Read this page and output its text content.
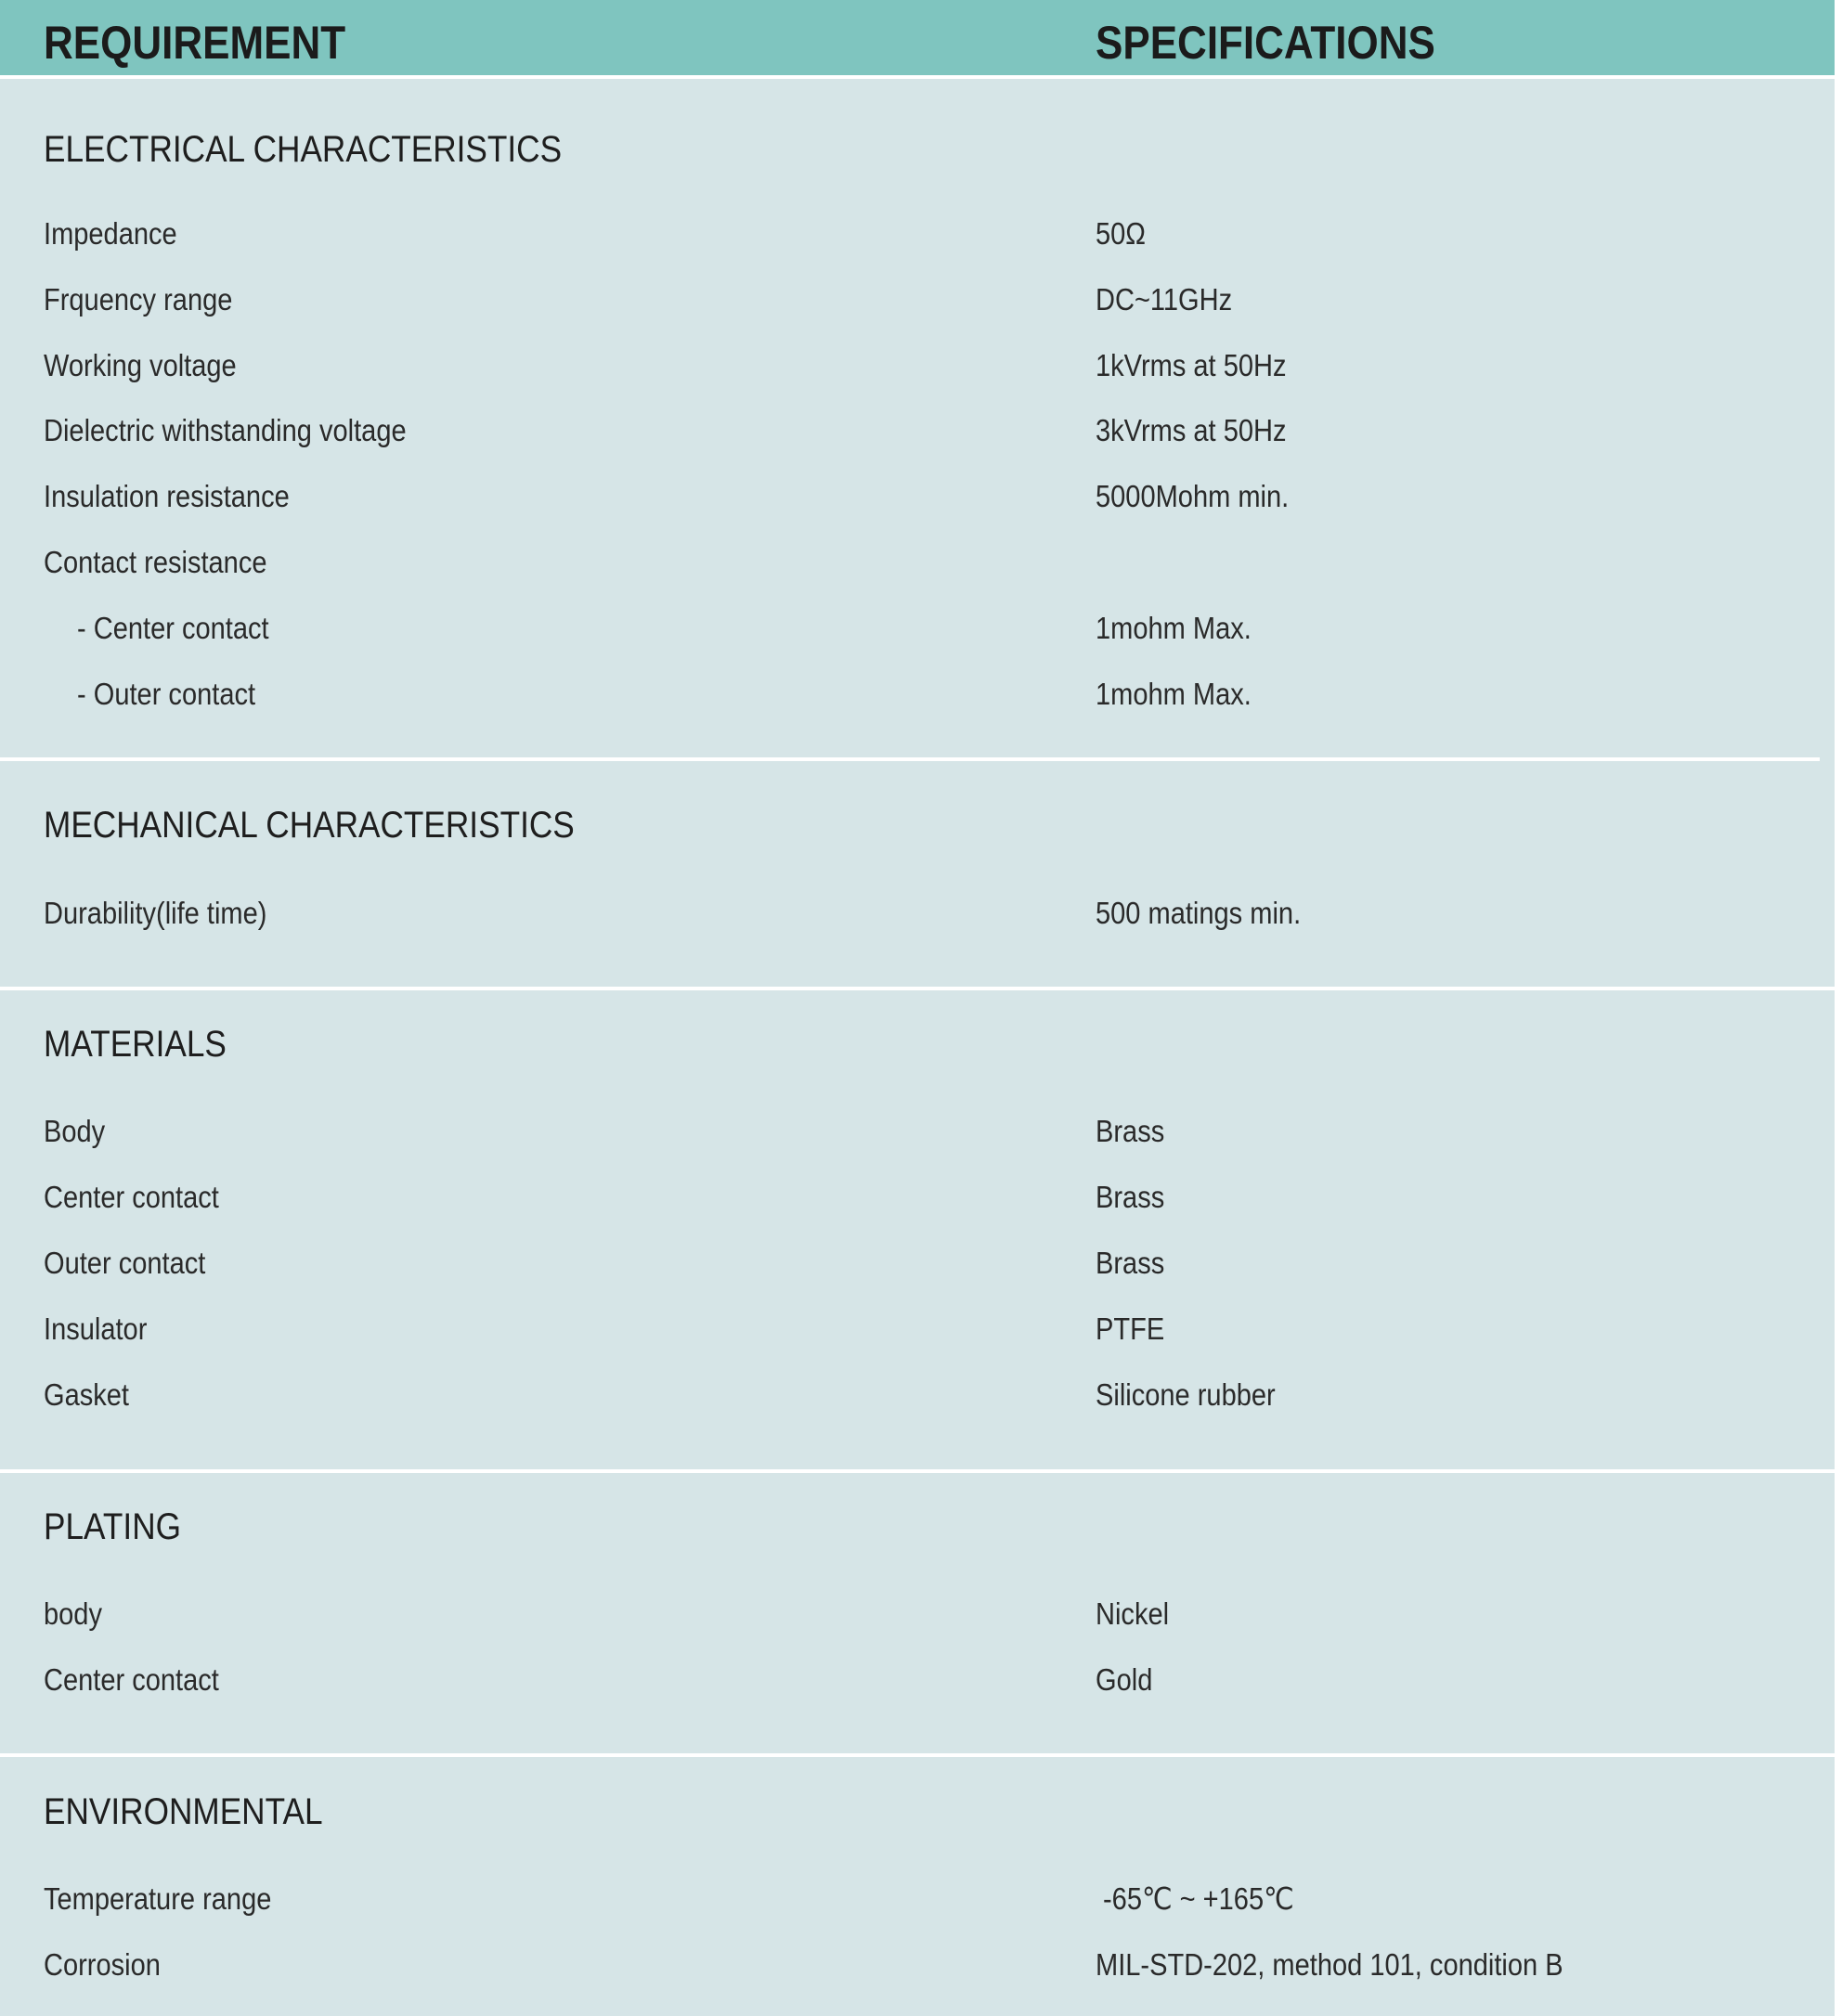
REQUIREMENT	SPECIFICATIONS
ELECTRICAL CHARACTERISTICS
Impedance	50Ω
Frquency range	DC~11GHz
Working voltage	1kVrms at 50Hz
Dielectric withstanding voltage	3kVrms at 50Hz
Insulation resistance	5000Mohm min.
Contact resistance
- Center contact	1mohm Max.
- Outer contact	1mohm Max.
MECHANICAL CHARACTERISTICS
Durability(life time)	500 matings min.
MATERIALS
Body	Brass
Center contact	Brass
Outer contact	Brass
Insulator	PTFE
Gasket	Silicone rubber
PLATING
body	Nickel
Center contact	Gold
ENVIRONMENTAL
Temperature range	-65℃ ~ +165℃
Corrosion	MIL-STD-202, method 101, condition B
